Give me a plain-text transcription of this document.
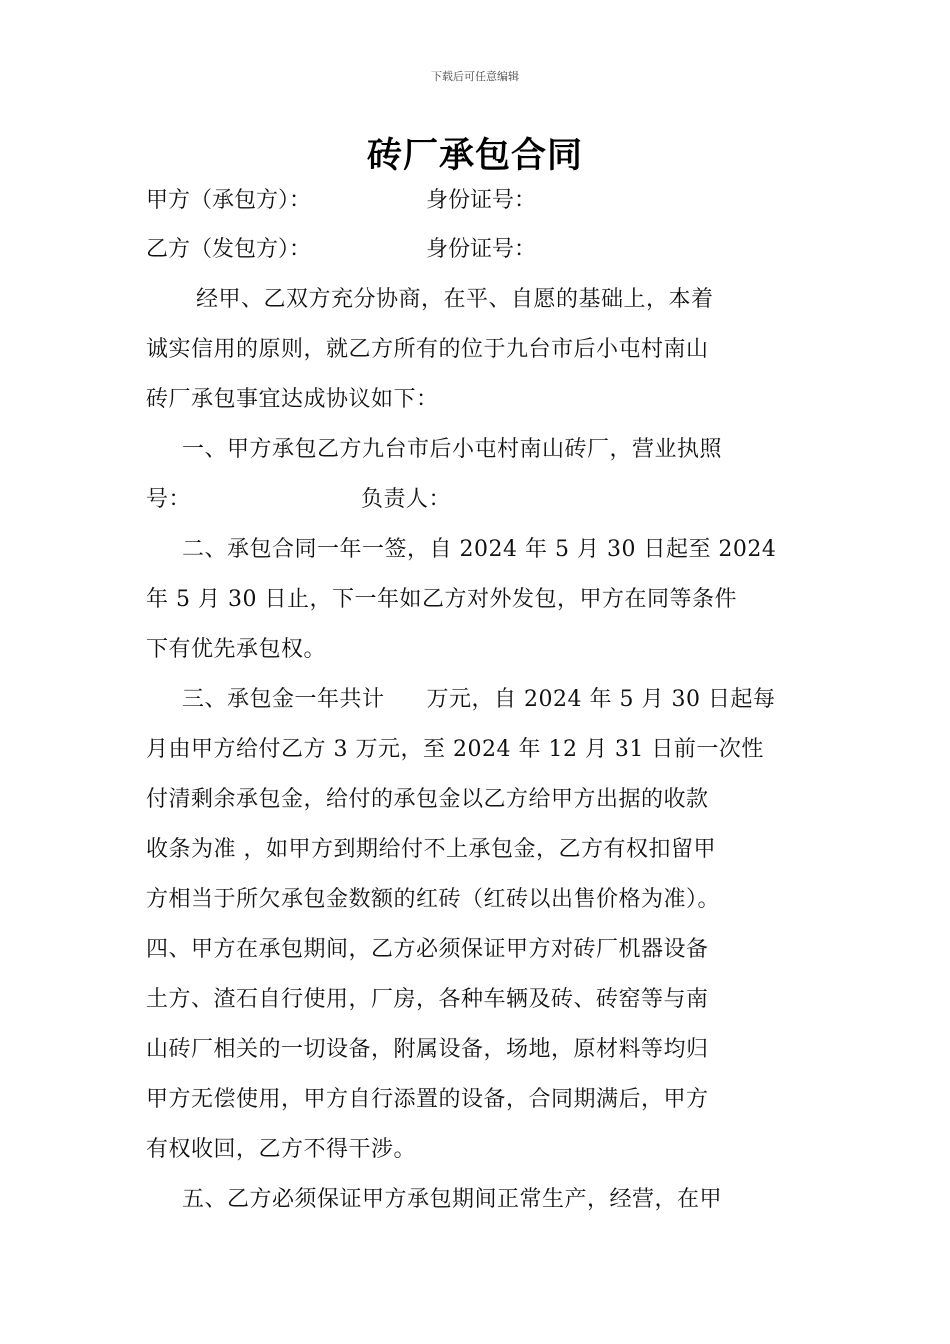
下载后可任意编辑
砖厂承包合同
甲方（承包方）：	身份证号：
乙方（发包方）：	身份证号：
经甲、乙双方充分协商，在平、自愿的基础上，本着
诚实信用的原则，就乙方所有的位于九台市后小屯村南山
砖厂承包事宜达成协议如下：
一、甲方承包乙方九台市后小屯村南山砖厂，营业执照
号：	负责人：
二、承包合同一年一签，自 2024 年 5 月 30 日起至 2024
年 5 月 30 日止，下一年如乙方对外发包，甲方在同等条件
下有优先承包权。
三、承包金一年共计 万元，自 2024 年 5 月 30 日起每
月由甲方给付乙方 3 万元，至 2024 年 12 月 31 日前一次性
付清剩余承包金，给付的承包金以乙方给甲方出据的收款
收条为准 ，如甲方到期给付不上承包金，乙方有权扣留甲
方相当于所欠承包金数额的红砖（红砖以出售价格为准）。
四、甲方在承包期间，乙方必须保证甲方对砖厂机器设备
土方、渣石自行使用，厂房，各种车辆及砖、砖窑等与南
山砖厂相关的一切设备，附属设备，场地，原材料等均归
甲方无偿使用，甲方自行添置的设备，合同期满后，甲方
有权收回，乙方不得干涉。
五、乙方必须保证甲方承包期间正常生产，经营，在甲
